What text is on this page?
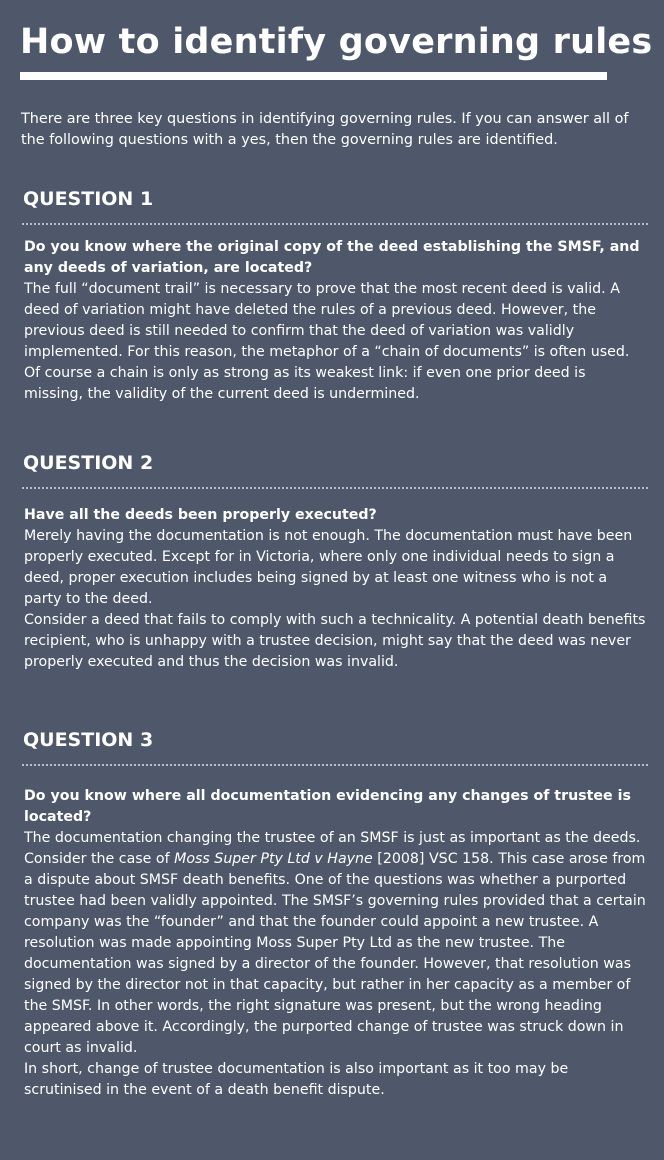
How to identify governing rules

There are three key questions in identifying governing rules. If you can answer all of the following questions with a yes, then the governing rules are identified.

QUESTION 1

Do you know where the original copy of the deed establishing the SMSF, and any deeds of variation, are located?

The full “document trail” is necessary to prove that the most recent deed is valid. A deed of variation might have deleted the rules of a previous deed. However, the previous deed is still needed to confirm that the deed of variation was validly implemented. For this reason, the metaphor of a “chain of documents” is often used. Of course a chain is only as strong as its weakest link: if even one prior deed is missing, the validity of the current deed is undermined.

QUESTION 2

Have all the deeds been properly executed?

Merely having the documentation is not enough. The documentation must have been properly executed. Except for in Victoria, where only one individual needs to sign a deed, proper execution includes being signed by at least one witness who is not a party to the deed.

Consider a deed that fails to comply with such a technicality. A potential death benefits recipient, who is unhappy with a trustee decision, might say that the deed was never properly executed and thus the decision was invalid.

QUESTION 3

Do you know where all documentation evidencing any changes of trustee is located?

The documentation changing the trustee of an SMSF is just as important as the deeds.

Consider the case of Moss Super Pty Ltd v Hayne [2008] VSC 158. This case arose from a dispute about SMSF death benefits. One of the questions was whether a purported trustee had been validly appointed. The SMSF’s governing rules provided that a certain company was the “founder” and that the founder could appoint a new trustee. A resolution was made appointing Moss Super Pty Ltd as the new trustee. The documentation was signed by a director of the founder. However, that resolution was signed by the director not in that capacity, but rather in her capacity as a member of the SMSF. In other words, the right signature was present, but the wrong heading appeared above it. Accordingly, the purported change of trustee was struck down in court as invalid.

In short, change of trustee documentation is also important as it too may be scrutinised in the event of a death benefit dispute.
